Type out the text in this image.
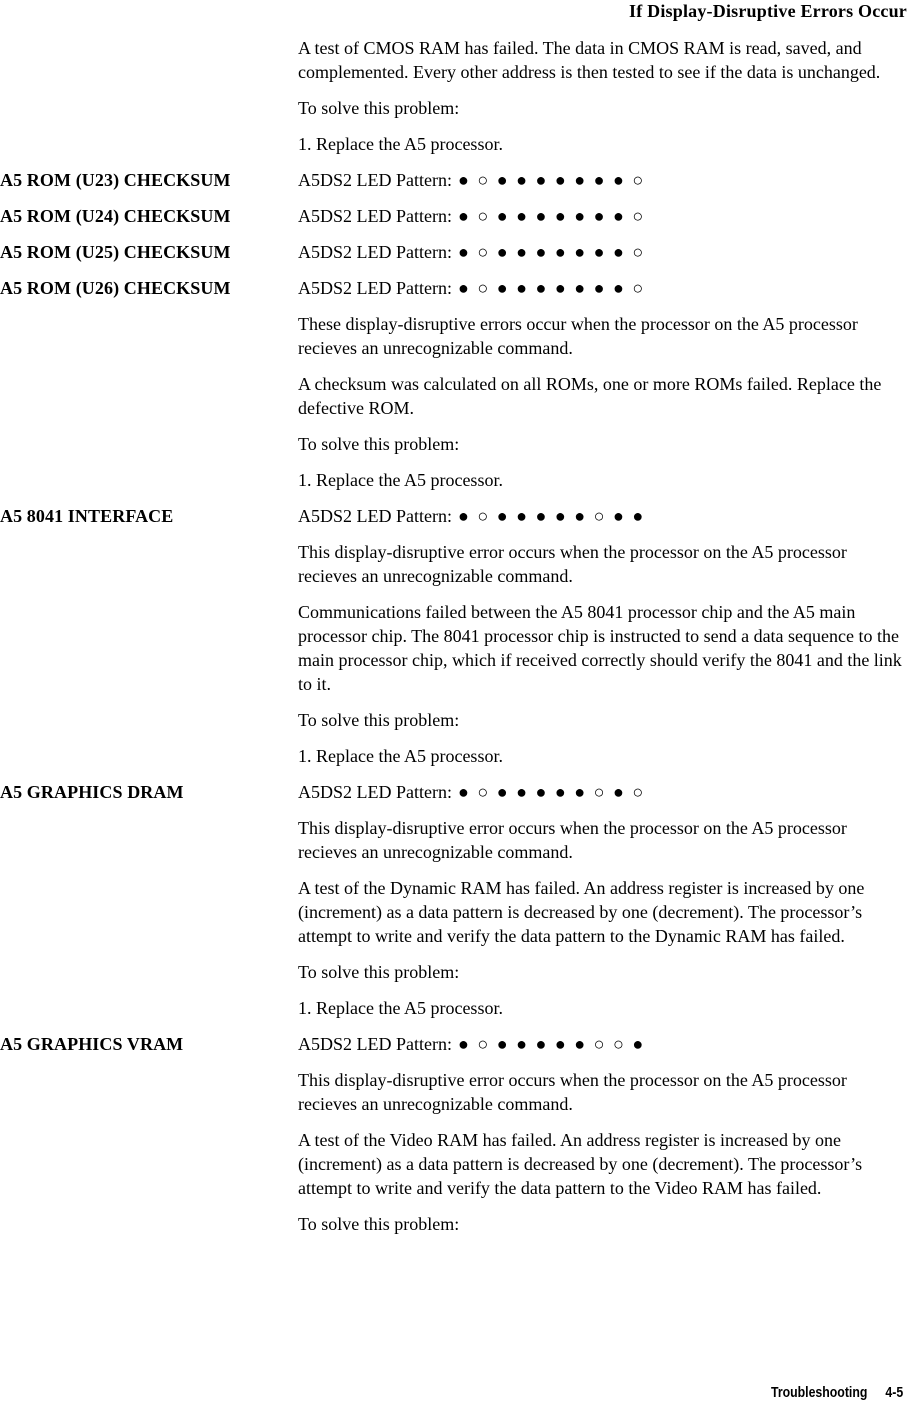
If Display-Disruptive Errors Occur

A test of CMOS RAM has failed. The data in CMOS RAM is read, saved, and complemented. Every other address is then tested to see if the data is unchanged.

To solve this problem:

1. Replace the A5 processor.

A5 ROM (U23) CHECKSUM	A5DS2 LED Pattern: ● ○ ● ● ● ● ● ● ● ○

A5 ROM (U24) CHECKSUM	A5DS2 LED Pattern: ● ○ ● ● ● ● ● ● ● ○

A5 ROM (U25) CHECKSUM	A5DS2 LED Pattern: ● ○ ● ● ● ● ● ● ● ○

A5 ROM (U26) CHECKSUM	A5DS2 LED Pattern: ● ○ ● ● ● ● ● ● ● ○

These display-disruptive errors occur when the processor on the A5 processor recieves an unrecognizable command.

A checksum was calculated on all ROMs, one or more ROMs failed. Replace the defective ROM.

To solve this problem:

1. Replace the A5 processor.

A5 8041 INTERFACE	A5DS2 LED Pattern: ● ○ ● ● ● ● ● ○ ● ●

This display-disruptive error occurs when the processor on the A5 processor recieves an unrecognizable command.

Communications failed between the A5 8041 processor chip and the A5 main processor chip. The 8041 processor chip is instructed to send a data sequence to the main processor chip, which if received correctly should verify the 8041 and the link to it.

To solve this problem:

1. Replace the A5 processor.

A5 GRAPHICS DRAM	A5DS2 LED Pattern: ● ○ ● ● ● ● ● ○ ● ○

This display-disruptive error occurs when the processor on the A5 processor recieves an unrecognizable command.

A test of the Dynamic RAM has failed. An address register is increased by one (increment) as a data pattern is decreased by one (decrement). The processor’s attempt to write and verify the data pattern to the Dynamic RAM has failed.

To solve this problem:

1. Replace the A5 processor.

A5 GRAPHICS VRAM	A5DS2 LED Pattern: ● ○ ● ● ● ● ● ○ ○ ●

This display-disruptive error occurs when the processor on the A5 processor recieves an unrecognizable command.

A test of the Video RAM has failed. An address register is increased by one (increment) as a data pattern is decreased by one (decrement). The processor’s attempt to write and verify the data pattern to the Video RAM has failed.

To solve this problem:

Troubleshooting 4-5
